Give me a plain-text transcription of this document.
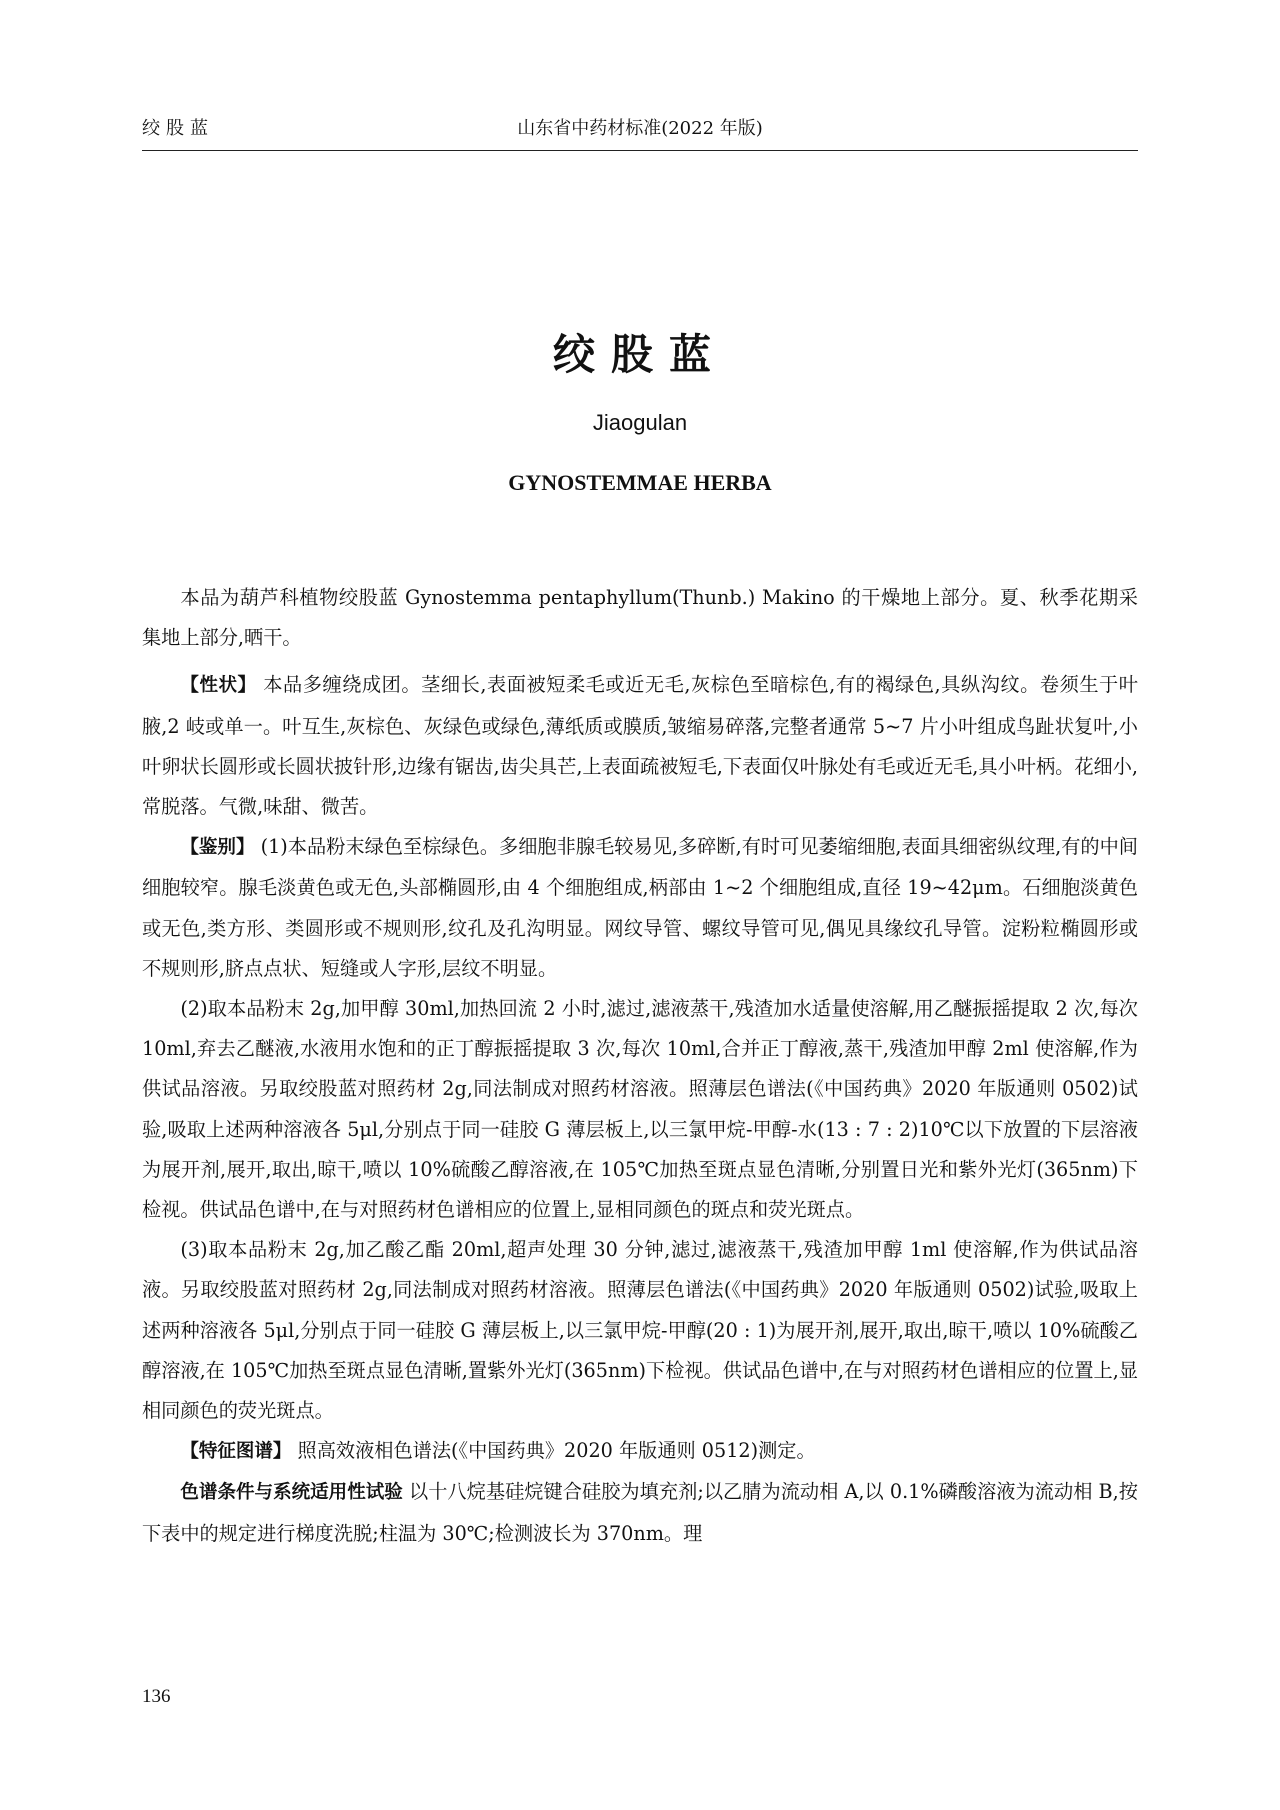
绞股蓝	山东省中药材标准(2022 年版)
绞股蓝
Jiaogulan
GYNOSTEMMAE HERBA

本品为葫芦科植物绞股蓝 Gynostemma pentaphyllum(Thunb.) Makino 的干燥地上部分。夏、秋季花期采集地上部分,晒干。

【性状】 本品多缠绕成团。茎细长,表面被短柔毛或近无毛,灰棕色至暗棕色,有的褐绿色,具纵沟纹。卷须生于叶腋,2 岐或单一。叶互生,灰棕色、灰绿色或绿色,薄纸质或膜质,皱缩易碎落,完整者通常 5~7 片小叶组成鸟趾状复叶,小叶卵状长圆形或长圆状披针形,边缘有锯齿,齿尖具芒,上表面疏被短毛,下表面仅叶脉处有毛或近无毛,具小叶柄。花细小,常脱落。气微,味甜、微苦。

【鉴别】 (1)本品粉末绿色至棕绿色。多细胞非腺毛较易见,多碎断,有时可见萎缩细胞,表面具细密纵纹理,有的中间细胞较窄。腺毛淡黄色或无色,头部椭圆形,由 4 个细胞组成,柄部由 1~2 个细胞组成,直径 19~42μm。石细胞淡黄色或无色,类方形、类圆形或不规则形,纹孔及孔沟明显。网纹导管、螺纹导管可见,偶见具缘纹孔导管。淀粉粒椭圆形或不规则形,脐点点状、短缝或人字形,层纹不明显。

(2)取本品粉末 2g,加甲醇 30ml,加热回流 2 小时,滤过,滤液蒸干,残渣加水适量使溶解,用乙醚振摇提取 2 次,每次 10ml,弃去乙醚液,水液用水饱和的正丁醇振摇提取 3 次,每次 10ml,合并正丁醇液,蒸干,残渣加甲醇 2ml 使溶解,作为供试品溶液。另取绞股蓝对照药材 2g,同法制成对照药材溶液。照薄层色谱法(《中国药典》2020 年版通则 0502)试验,吸取上述两种溶液各 5μl,分别点于同一硅胶 G 薄层板上,以三氯甲烷-甲醇-水(13 : 7 : 2)10℃以下放置的下层溶液为展开剂,展开,取出,晾干,喷以 10%硫酸乙醇溶液,在 105℃加热至斑点显色清晰,分别置日光和紫外光灯(365nm)下检视。供试品色谱中,在与对照药材色谱相应的位置上,显相同颜色的斑点和荧光斑点。

(3)取本品粉末 2g,加乙酸乙酯 20ml,超声处理 30 分钟,滤过,滤液蒸干,残渣加甲醇 1ml 使溶解,作为供试品溶液。另取绞股蓝对照药材 2g,同法制成对照药材溶液。照薄层色谱法(《中国药典》2020 年版通则 0502)试验,吸取上述两种溶液各 5μl,分别点于同一硅胶 G 薄层板上,以三氯甲烷-甲醇(20 : 1)为展开剂,展开,取出,晾干,喷以 10%硫酸乙醇溶液,在 105℃加热至斑点显色清晰,置紫外光灯(365nm)下检视。供试品色谱中,在与对照药材色谱相应的位置上,显相同颜色的荧光斑点。

【特征图谱】 照高效液相色谱法(《中国药典》2020 年版通则 0512)测定。

色谱条件与系统适用性试验 以十八烷基硅烷键合硅胶为填充剂;以乙腈为流动相 A,以 0.1%磷酸溶液为流动相 B,按下表中的规定进行梯度洗脱;柱温为 30℃;检测波长为 370nm。理

136
